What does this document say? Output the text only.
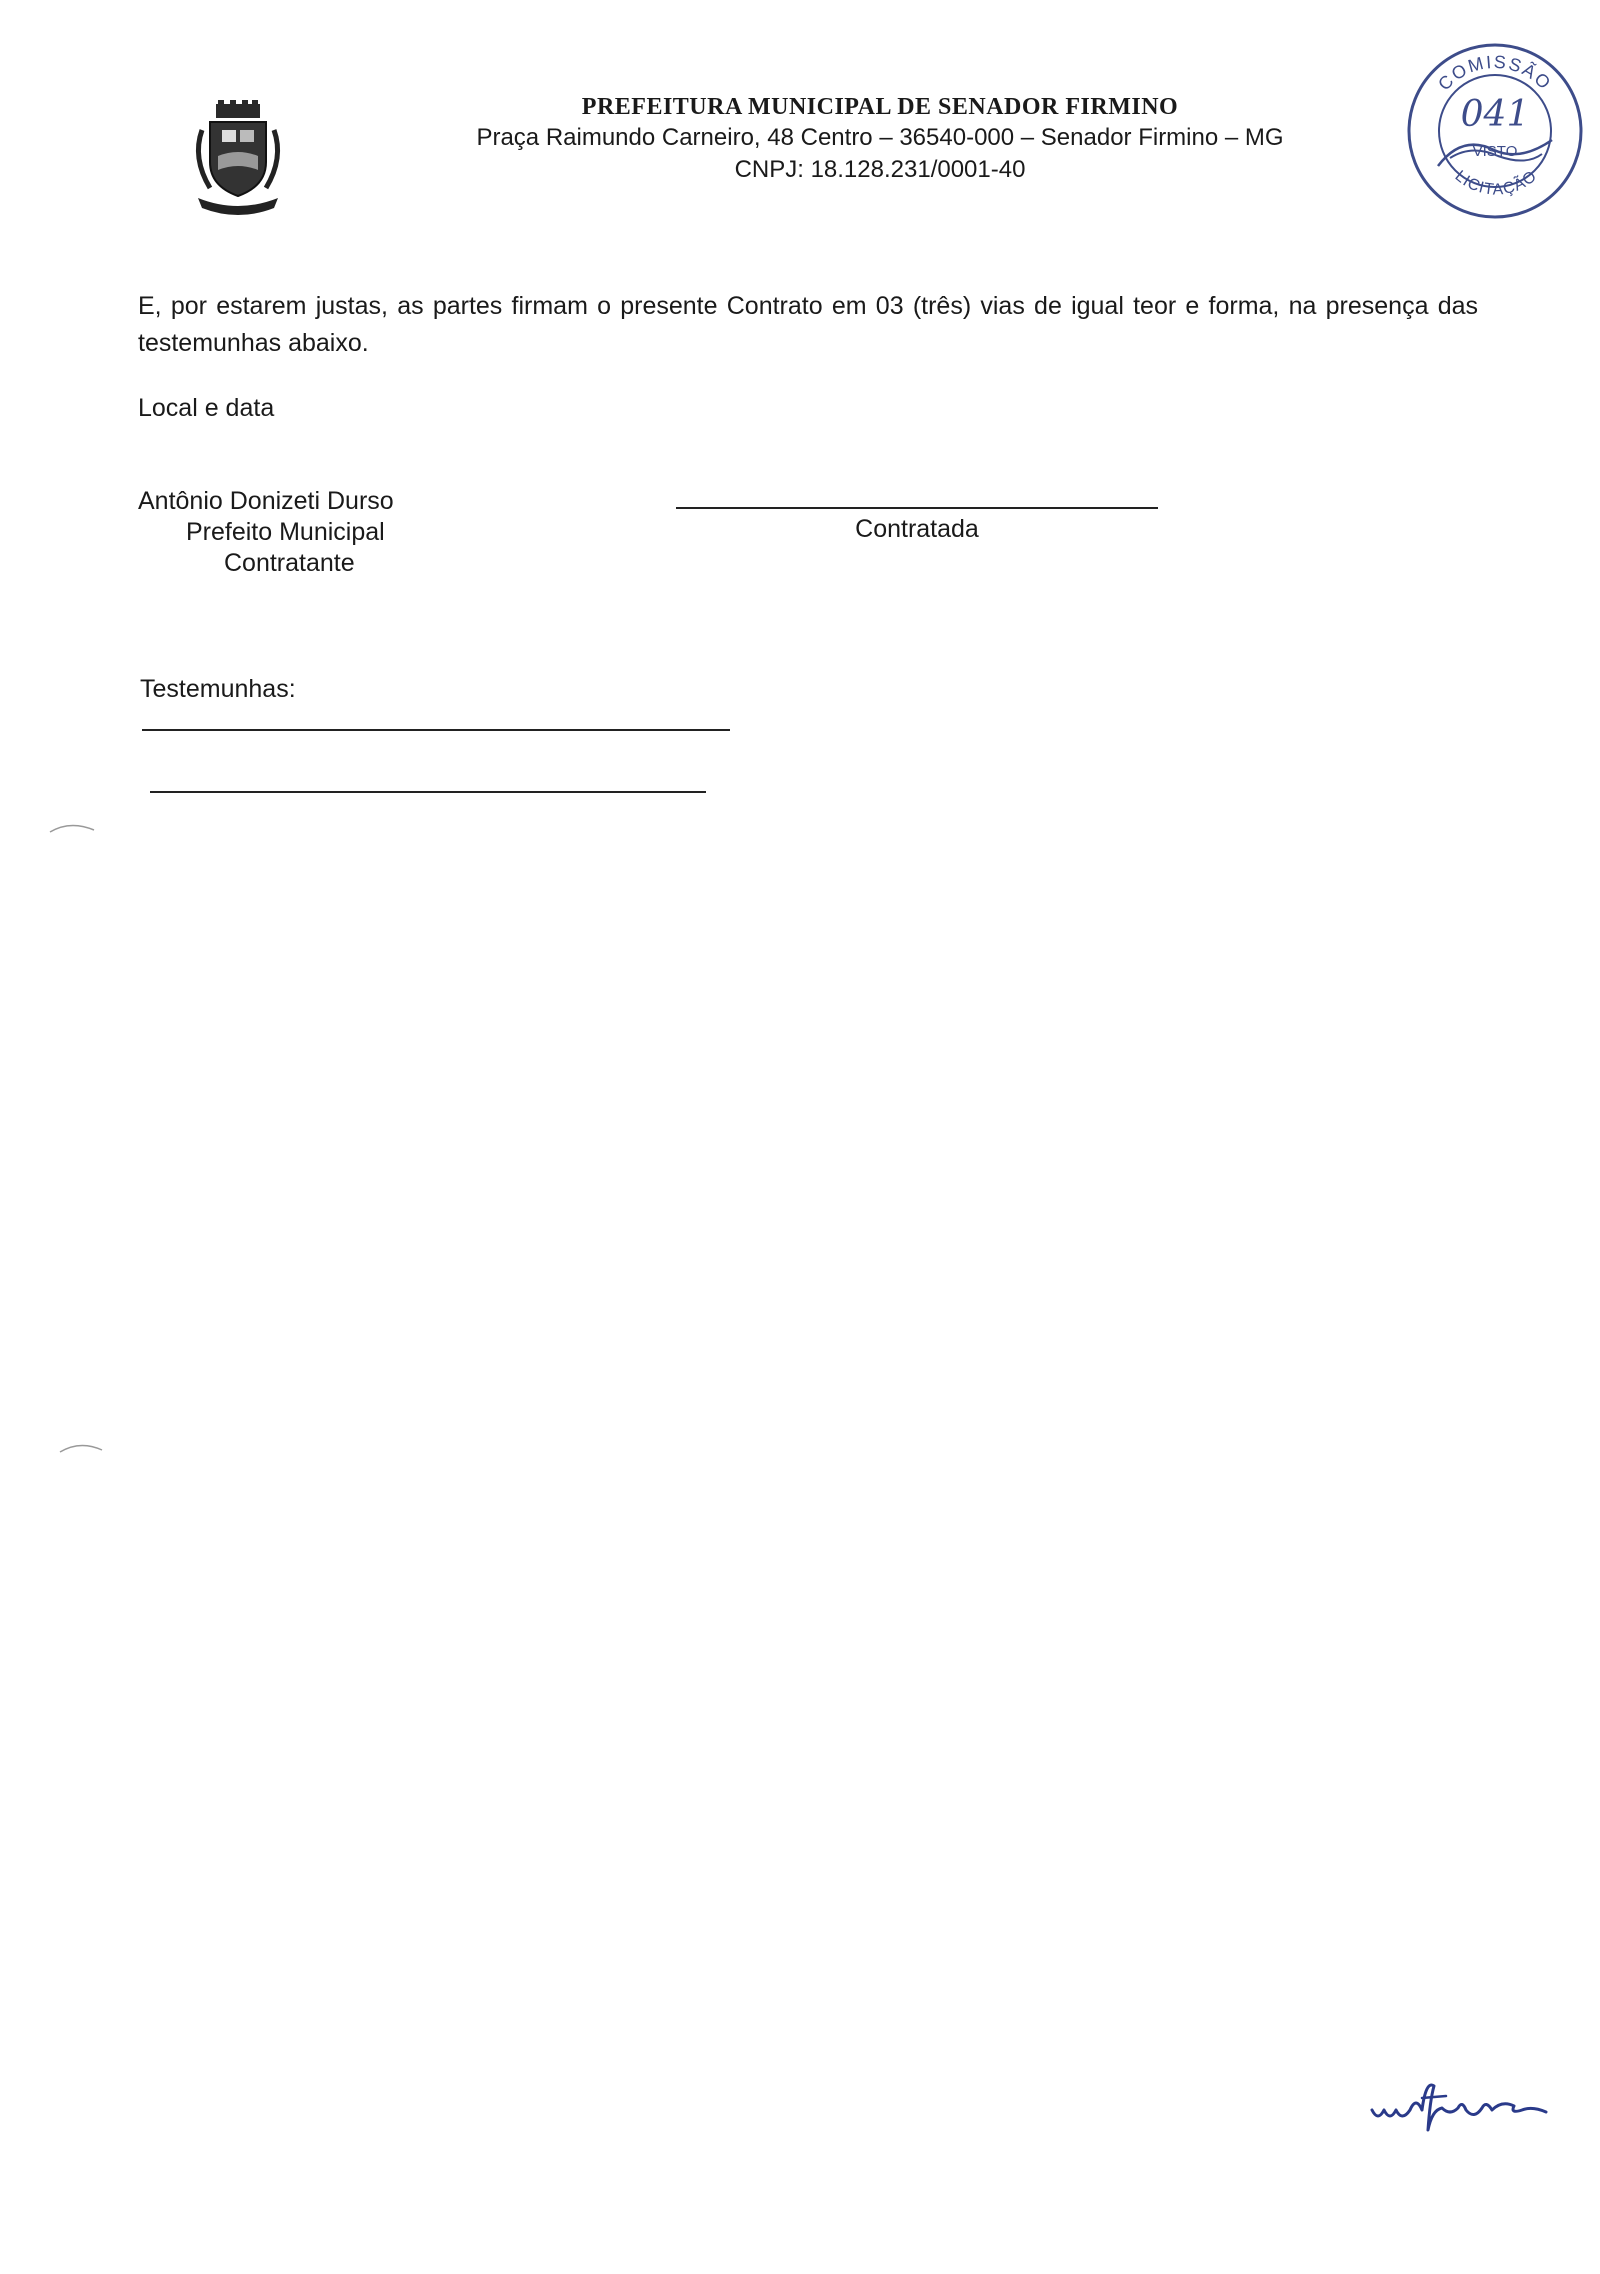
PREFEITURA MUNICIPAL DE SENADOR FIRMINO
Praça Raimundo Carneiro, 48 Centro – 36540-000 – Senador Firmino – MG
CNPJ: 18.128.231/0001-40
COMISSÃO
LICITAÇÃO
041
VISTO
E, por estarem justas, as partes firmam o presente Contrato em 03 (três) vias de igual teor e forma, na presença das testemunhas abaixo.
Local e data
Antônio Donizeti Durso
Prefeito Municipal
Contratante
Contratada
Testemunhas:
